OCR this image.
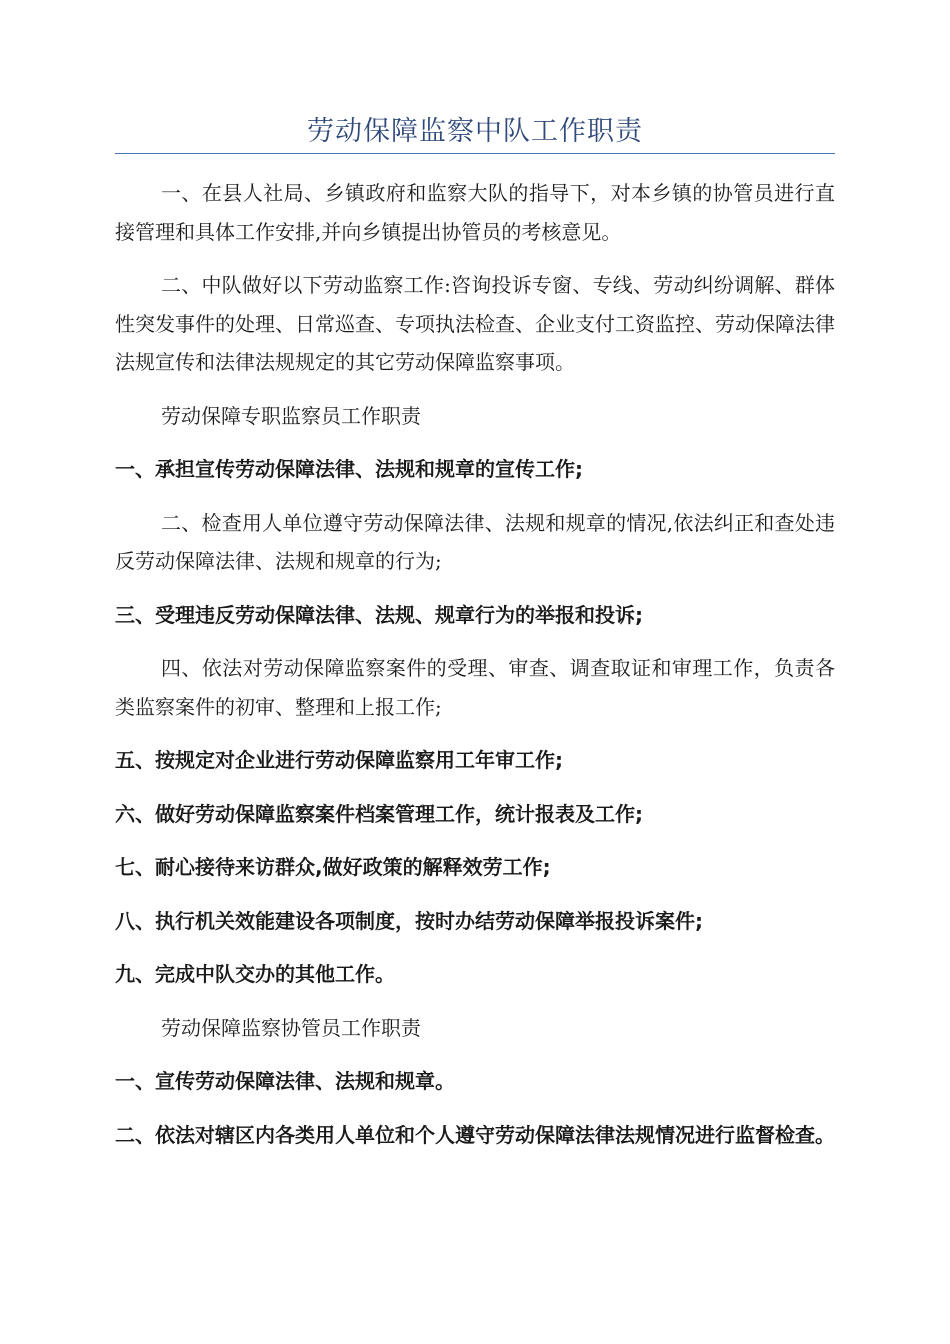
劳动保障监察中队工作职责

一、在县人社局、乡镇政府和监察大队的指导下，对本乡镇的协管员进行直接管理和具体工作安排,并向乡镇提出协管员的考核意见。

二、中队做好以下劳动监察工作:咨询投诉专窗、专线、劳动纠纷调解、群体性突发事件的处理、日常巡查、专项执法检查、企业支付工资监控、劳动保障法律法规宣传和法律法规规定的其它劳动保障监察事项。

劳动保障专职监察员工作职责

一、承担宣传劳动保障法律、法规和规章的宣传工作;

二、检查用人单位遵守劳动保障法律、法规和规章的情况,依法纠正和查处违反劳动保障法律、法规和规章的行为;

三、受理违反劳动保障法律、法规、规章行为的举报和投诉;

四、依法对劳动保障监察案件的受理、审查、调查取证和审理工作，负责各类监察案件的初审、整理和上报工作;

五、按规定对企业进行劳动保障监察用工年审工作;

六、做好劳动保障监察案件档案管理工作，统计报表及工作;

七、耐心接待来访群众,做好政策的解释效劳工作;

八、执行机关效能建设各项制度，按时办结劳动保障举报投诉案件;

九、完成中队交办的其他工作。

劳动保障监察协管员工作职责

一、宣传劳动保障法律、法规和规章。

二、依法对辖区内各类用人单位和个人遵守劳动保障法律法规情况进行监督检查。
